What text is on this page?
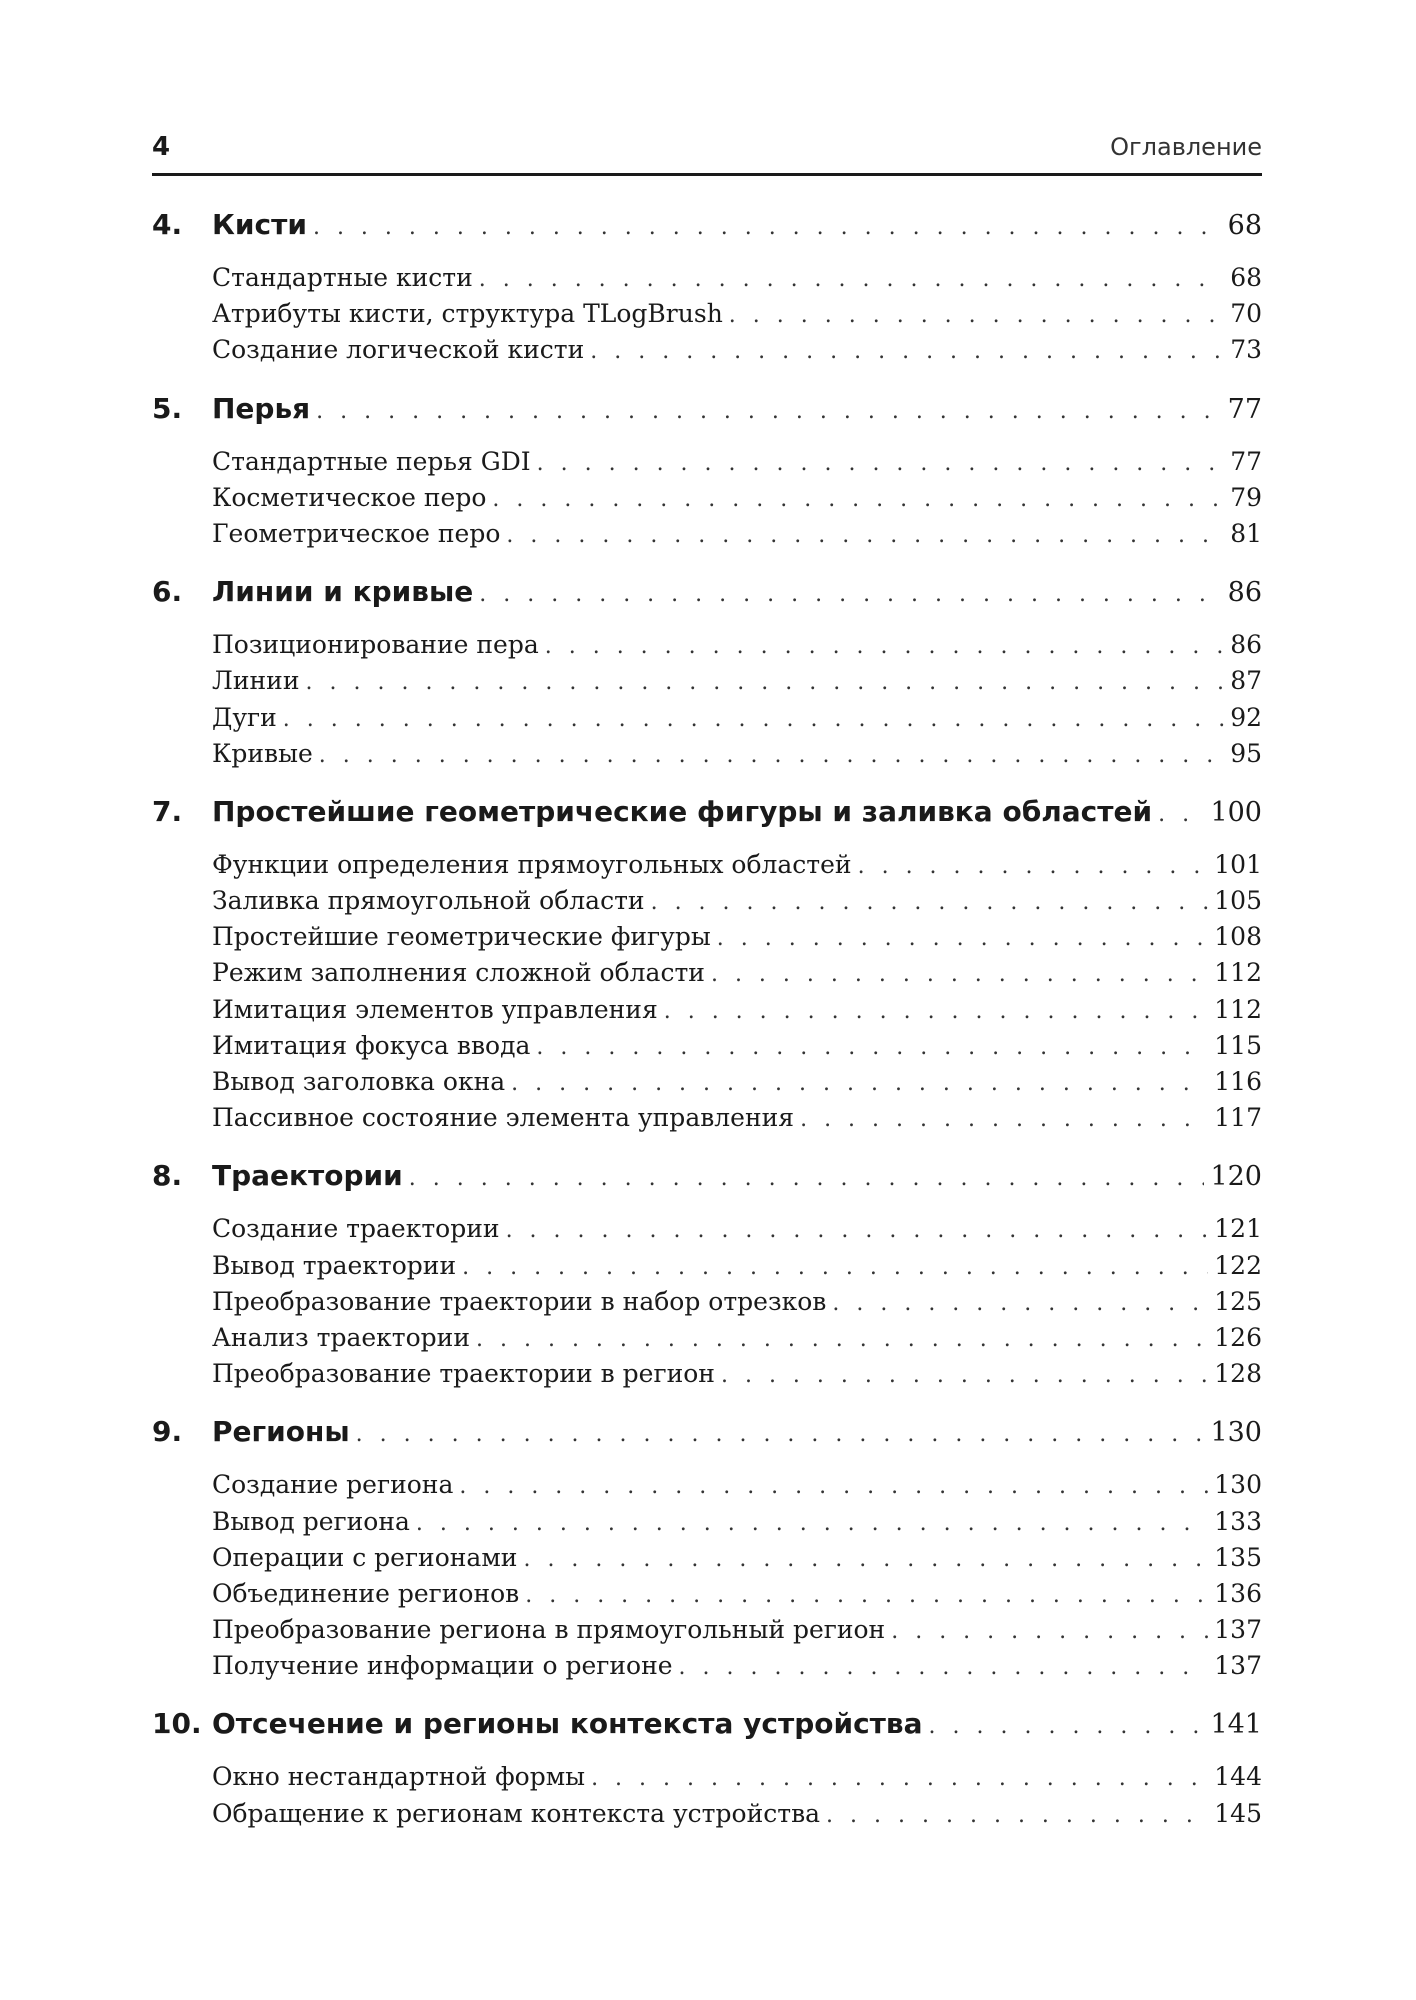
4	Оглавление
4.	Кисти . . .	68
Стандартные кисти . . .	68
Атрибуты кисти, структура TLogBrush . . .	70
Создание логической кисти . . .	73
5.	Перья . . .	77
Стандартные перья GDI . . .	77
Косметическое перо . . .	79
Геометрическое перо . . .	81
6.	Линии и кривые . . .	86
Позиционирование пера . . .	86
Линии . . .	87
Дуги . . .	92
Кривые . . .	95
7.	Простейшие геометрические фигуры и заливка областей . . . 100
Функции определения прямоугольных областей . . .	101
Заливка прямоугольной области . . .	105
Простейшие геометрические фигуры . . .	108
Режим заполнения сложной области . . .	112
Имитация элементов управления . . .	112
Имитация фокуса ввода . . .	115
Вывод заголовка окна . . .	116
Пассивное состояние элемента управления . . .	117
8.	Траектории . . .	120
Создание траектории . . .	121
Вывод траектории . . .	122
Преобразование траектории в набор отрезков . . .	125
Анализ траектории . . .	126
Преобразование траектории в регион . . .	128
9.	Регионы . . .	130
Создание региона . . .	130
Вывод региона . . .	133
Операции с регионами . . .	135
Объединение регионов . . .	136
Преобразование региона в прямоугольный регион . . .	137
Получение информации о регионе . . .	137
10. Отсечение и регионы контекста устройства . . .	141
Окно нестандартной формы . . .	144
Обращение к регионам контекста устройства . . .	145
